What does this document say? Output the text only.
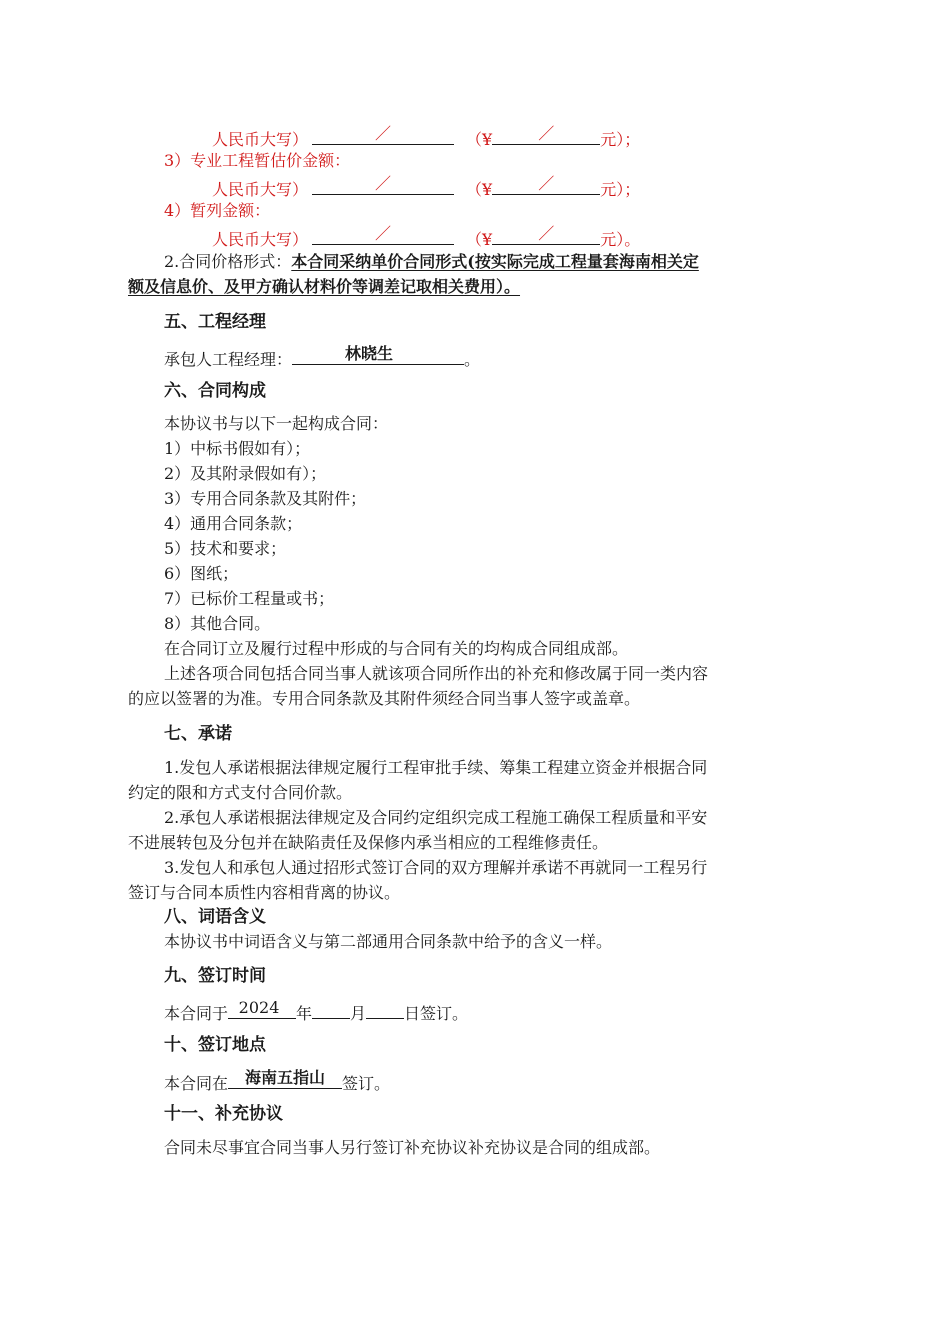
人民币大写）	／	（¥	／	元）；
3）专业工程暂估价金额：
人民币大写）	／	（¥	／	元）；
4）暂列金额：
人民币大写）	／	（¥	／	元）。
2.合同价格形式：本合同采纳单价合同形式(按实际完成工程量套海南相关定
额及信息价、及甲方确认材料价等调差记取相关费用）。
五、工程经理
承包人工程经理：	林晓生	。
六、合同构成
本协议书与以下一起构成合同：
1）中标书假如有）；
2）及其附录假如有）；
3）专用合同条款及其附件；
4）通用合同条款；
5）技术和要求；
6）图纸；
7）已标价工程量或书；
8）其他合同。
在合同订立及履行过程中形成的与合同有关的均构成合同组成部。
上述各项合同包括合同当事人就该项合同所作出的补充和修改属于同一类内容
的应以签署的为准。专用合同条款及其附件须经合同当事人签字或盖章。
七、承诺
1.发包人承诺根据法律规定履行工程审批手续、筹集工程建立资金并根据合同
约定的限和方式支付合同价款。
2.承包人承诺根据法律规定及合同约定组织完成工程施工确保工程质量和平安
不进展转包及分包并在缺陷责任及保修内承当相应的工程维修责任。
3.发包人和承包人通过招形式签订合同的双方理解并承诺不再就同一工程另行
签订与合同本质性内容相背离的协议。
八、词语含义
本协议书中词语含义与第二部通用合同条款中给予的含义一样。
九、签订时间
本合同于 2024	年 月 日签订。
十、签订地点
本合同在	海南五指山	签订。
十一、补充协议
合同未尽事宜合同当事人另行签订补充协议补充协议是合同的组成部。
